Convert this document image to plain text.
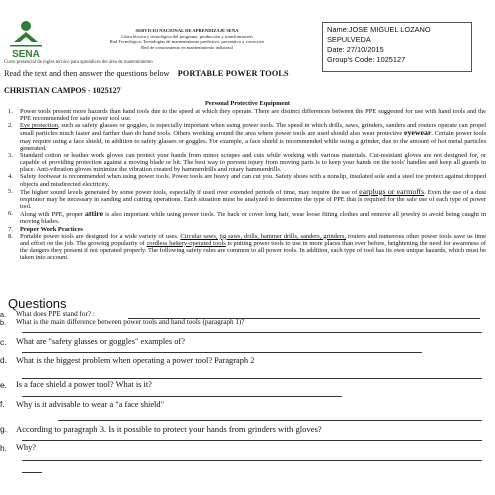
SENA
SERVICIO NACIONAL DE APRENDIZAJE SENA
Línea técnica y tecnológica del programa: producción y transformación
Red Tecnológica: Tecnologías de mantenimiento predictivo, preventivo y correctivo
Red de conocimiento en mantenimiento industrial
Name:JOSE MIGUEL LOZANO
SEPULVEDA
Date: 27/10/2015
Group's Code: 1025127
Curso presencial de inglés técnico para aprendices del área de mantenimiento
Read the text and then answer the questions below PORTABLE POWER TOOLS
CHRISTIAN CAMPOS - 1025127
Personal Protective Equipment
1. Power tools present more hazards than hand tools due to the speed at which they operate. There are distinct differences between the PPE suggested for use with hand tools and the PPE recommended for safe power tool use.
2. Eye protection, such as safety glasses or goggles, is especially important when using power tools. The speed in which drills, saws, grinders, sanders and routers operate can propel small particles much faster and farther than do hand tools. Others working around the area where power tools are used should also wear protective eyewear. Certain power tools may require using a face shield, in addition to safety glasses or goggles. For example, a face shield is recommended while using a grinder, due to the amount of hot metal particles generated.
3. Standard cotton or leather work gloves can protect your hands from minor scrapes and cuts while working with various materials. Cut-resistant gloves are not designed for, or capable of providing protection against a moving blade or bit. The best way to prevent injury from moving parts is to keep your hands on the tools' handles and keep all guards in place. Anti-vibration gloves minimize the vibration created by hammerdrills and rotary hammerdrills.
4. Safety footwear is recommended when using power tools. Power tools are heavy and can cut you. Safety shoes with a nonslip, insulated sole and a steel toe protect against dropped objects and misdirected electricity.
5. The higher sound levels generated by some power tools, especially if used over extended periods of time, may require the use of earplugs or earmuffs. Even the use of a dust respirator may be necessary in sanding and cutting operations. Each situation must be analyzed to determine the type of PPE that is required for the safe use of each type of power tool.
6. Along with PPE, proper attire is also important while using power tools. Tie back or cover long hair, wear loose fitting clothes and remove all jewelry to avoid being caught in moving blades.
7. Proper Work Practices
8. Portable power tools are designed for a wide variety of uses. Circular saws, jig saws, drills, hammer drills, sanders, grinders, routers and numerous other power tools save us time and effort on the job. The growing popularity of cordless battery-operated tools is putting power tools to use in more places than ever before, heightening the need for awareness of the dangers they present if not operated properly. The following safety rules are common to all power tools. In addition, each type of tool has its own unique hazards, which must be taken into account.
Questions
a. What does PPE stand for? :
b. What is the main difference between power tools and hand tools (paragraph 1)?
c. What are "safety glasses or goggles" examples of?
d. What is the biggest problem when operating a power tool? Paragraph 2
e. Is a face shield a power tool? What is it?
f. Why is it advisable to wear a "a face shield"
g. According to paragraph 3. Is it possible to protect your hands from grinders with gloves?
h. Why?
